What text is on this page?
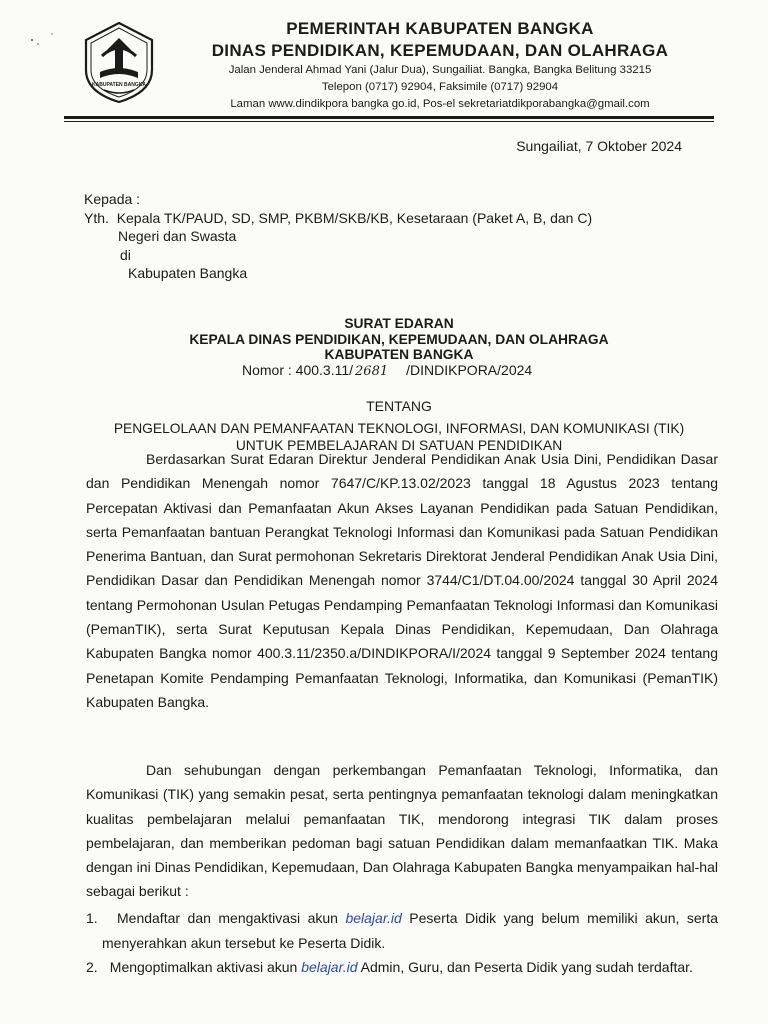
KABUPATEN BANGKA
PEMERINTAH KABUPATEN BANGKA
DINAS PENDIDIKAN, KEPEMUDAAN, DAN OLAHRAGA
Jalan Jenderal Ahmad Yani (Jalur Dua), Sungailiat. Bangka, Bangka Belitung 33215
Telepon (0717) 92904, Faksimile (0717) 92904
Laman www.dindikpora bangka go.id, Pos-el sekretariatdikporabangka@gmail.com
Sungailiat, 7 Oktober 2024
Kepada :
Yth. Kepala TK/PAUD, SD, SMP, PKBM/SKB/KB, Kesetaraan (Paket A, B, dan C)
Negeri dan Swasta
di
Kabupaten Bangka
SURAT EDARAN
KEPALA DINAS PENDIDIKAN, KEPEMUDAAN, DAN OLAHRAGA
KABUPATEN BANGKA
Nomor : 400.3.11/ 2681 /DINDIKPORA/2024
TENTANG
PENGELOLAAN DAN PEMANFAATAN TEKNOLOGI, INFORMASI, DAN KOMUNIKASI (TIK)
UNTUK PEMBELAJARAN DI SATUAN PENDIDIKAN
Berdasarkan Surat Edaran Direktur Jenderal Pendidikan Anak Usia Dini, Pendidikan Dasar dan Pendidikan Menengah nomor 7647/C/KP.13.02/2023 tanggal 18 Agustus 2023 tentang Percepatan Aktivasi dan Pemanfaatan Akun Akses Layanan Pendidikan pada Satuan Pendidikan, serta Pemanfaatan bantuan Perangkat Teknologi Informasi dan Komunikasi pada Satuan Pendidikan Penerima Bantuan, dan Surat permohonan Sekretaris Direktorat Jenderal Pendidikan Anak Usia Dini, Pendidikan Dasar dan Pendidikan Menengah nomor 3744/C1/DT.04.00/2024 tanggal 30 April 2024 tentang Permohonan Usulan Petugas Pendamping Pemanfaatan Teknologi Informasi dan Komunikasi (PemanTIK), serta Surat Keputusan Kepala Dinas Pendidikan, Kepemudaan, Dan Olahraga Kabupaten Bangka nomor 400.3.11/2350.a/DINDIKPORA/I/2024 tanggal 9 September 2024 tentang Penetapan Komite Pendamping Pemanfaatan Teknologi, Informatika, dan Komunikasi (PemanTIK) Kabupaten Bangka.
Dan sehubungan dengan perkembangan Pemanfaatan Teknologi, Informatika, dan Komunikasi (TIK) yang semakin pesat, serta pentingnya pemanfaatan teknologi dalam meningkatkan kualitas pembelajaran melalui pemanfaatan TIK, mendorong integrasi TIK dalam proses pembelajaran, dan memberikan pedoman bagi satuan Pendidikan dalam memanfaatkan TIK. Maka dengan ini Dinas Pendidikan, Kepemudaan, Dan Olahraga Kabupaten Bangka menyampaikan hal-hal sebagai berikut :
1.	Mendaftar dan mengaktivasi akun belajar.id Peserta Didik yang belum memiliki akun, serta menyerahkan akun tersebut ke Peserta Didik.
2. Mengoptimalkan aktivasi akun belajar.id Admin, Guru, dan Peserta Didik yang sudah terdaftar.
